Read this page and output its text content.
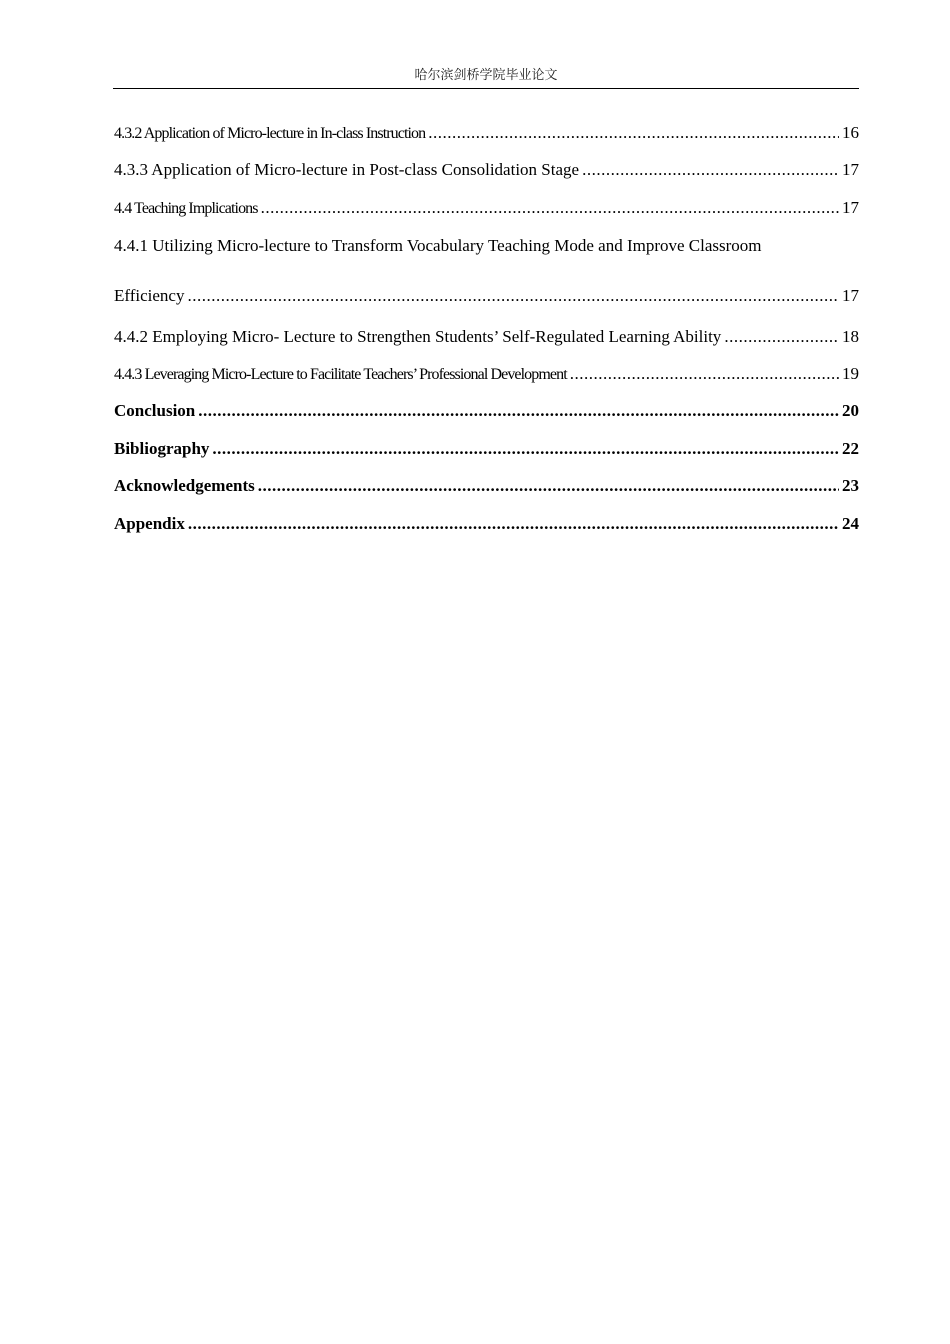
哈尔滨剑桥学院毕业论文
4.3.2 Application of Micro-lecture in In-class Instruction .....	16
4.3.3 Application of Micro-lecture in Post-class Consolidation Stage .....	17
4.4 Teaching Implications .....	17
4.4.1 Utilizing Micro-lecture to Transform Vocabulary Teaching Mode and Improve Classroom
Efficiency .....	17
4.4.2 Employing Micro- Lecture to Strengthen Students’ Self-Regulated Learning Ability .....	18
4.4.3 Leveraging Micro-Lecture to Facilitate Teachers’ Professional Development .....	19
Conclusion .....	20
Bibliography .....	22
Acknowledgements .....	23
Appendix .....	24
